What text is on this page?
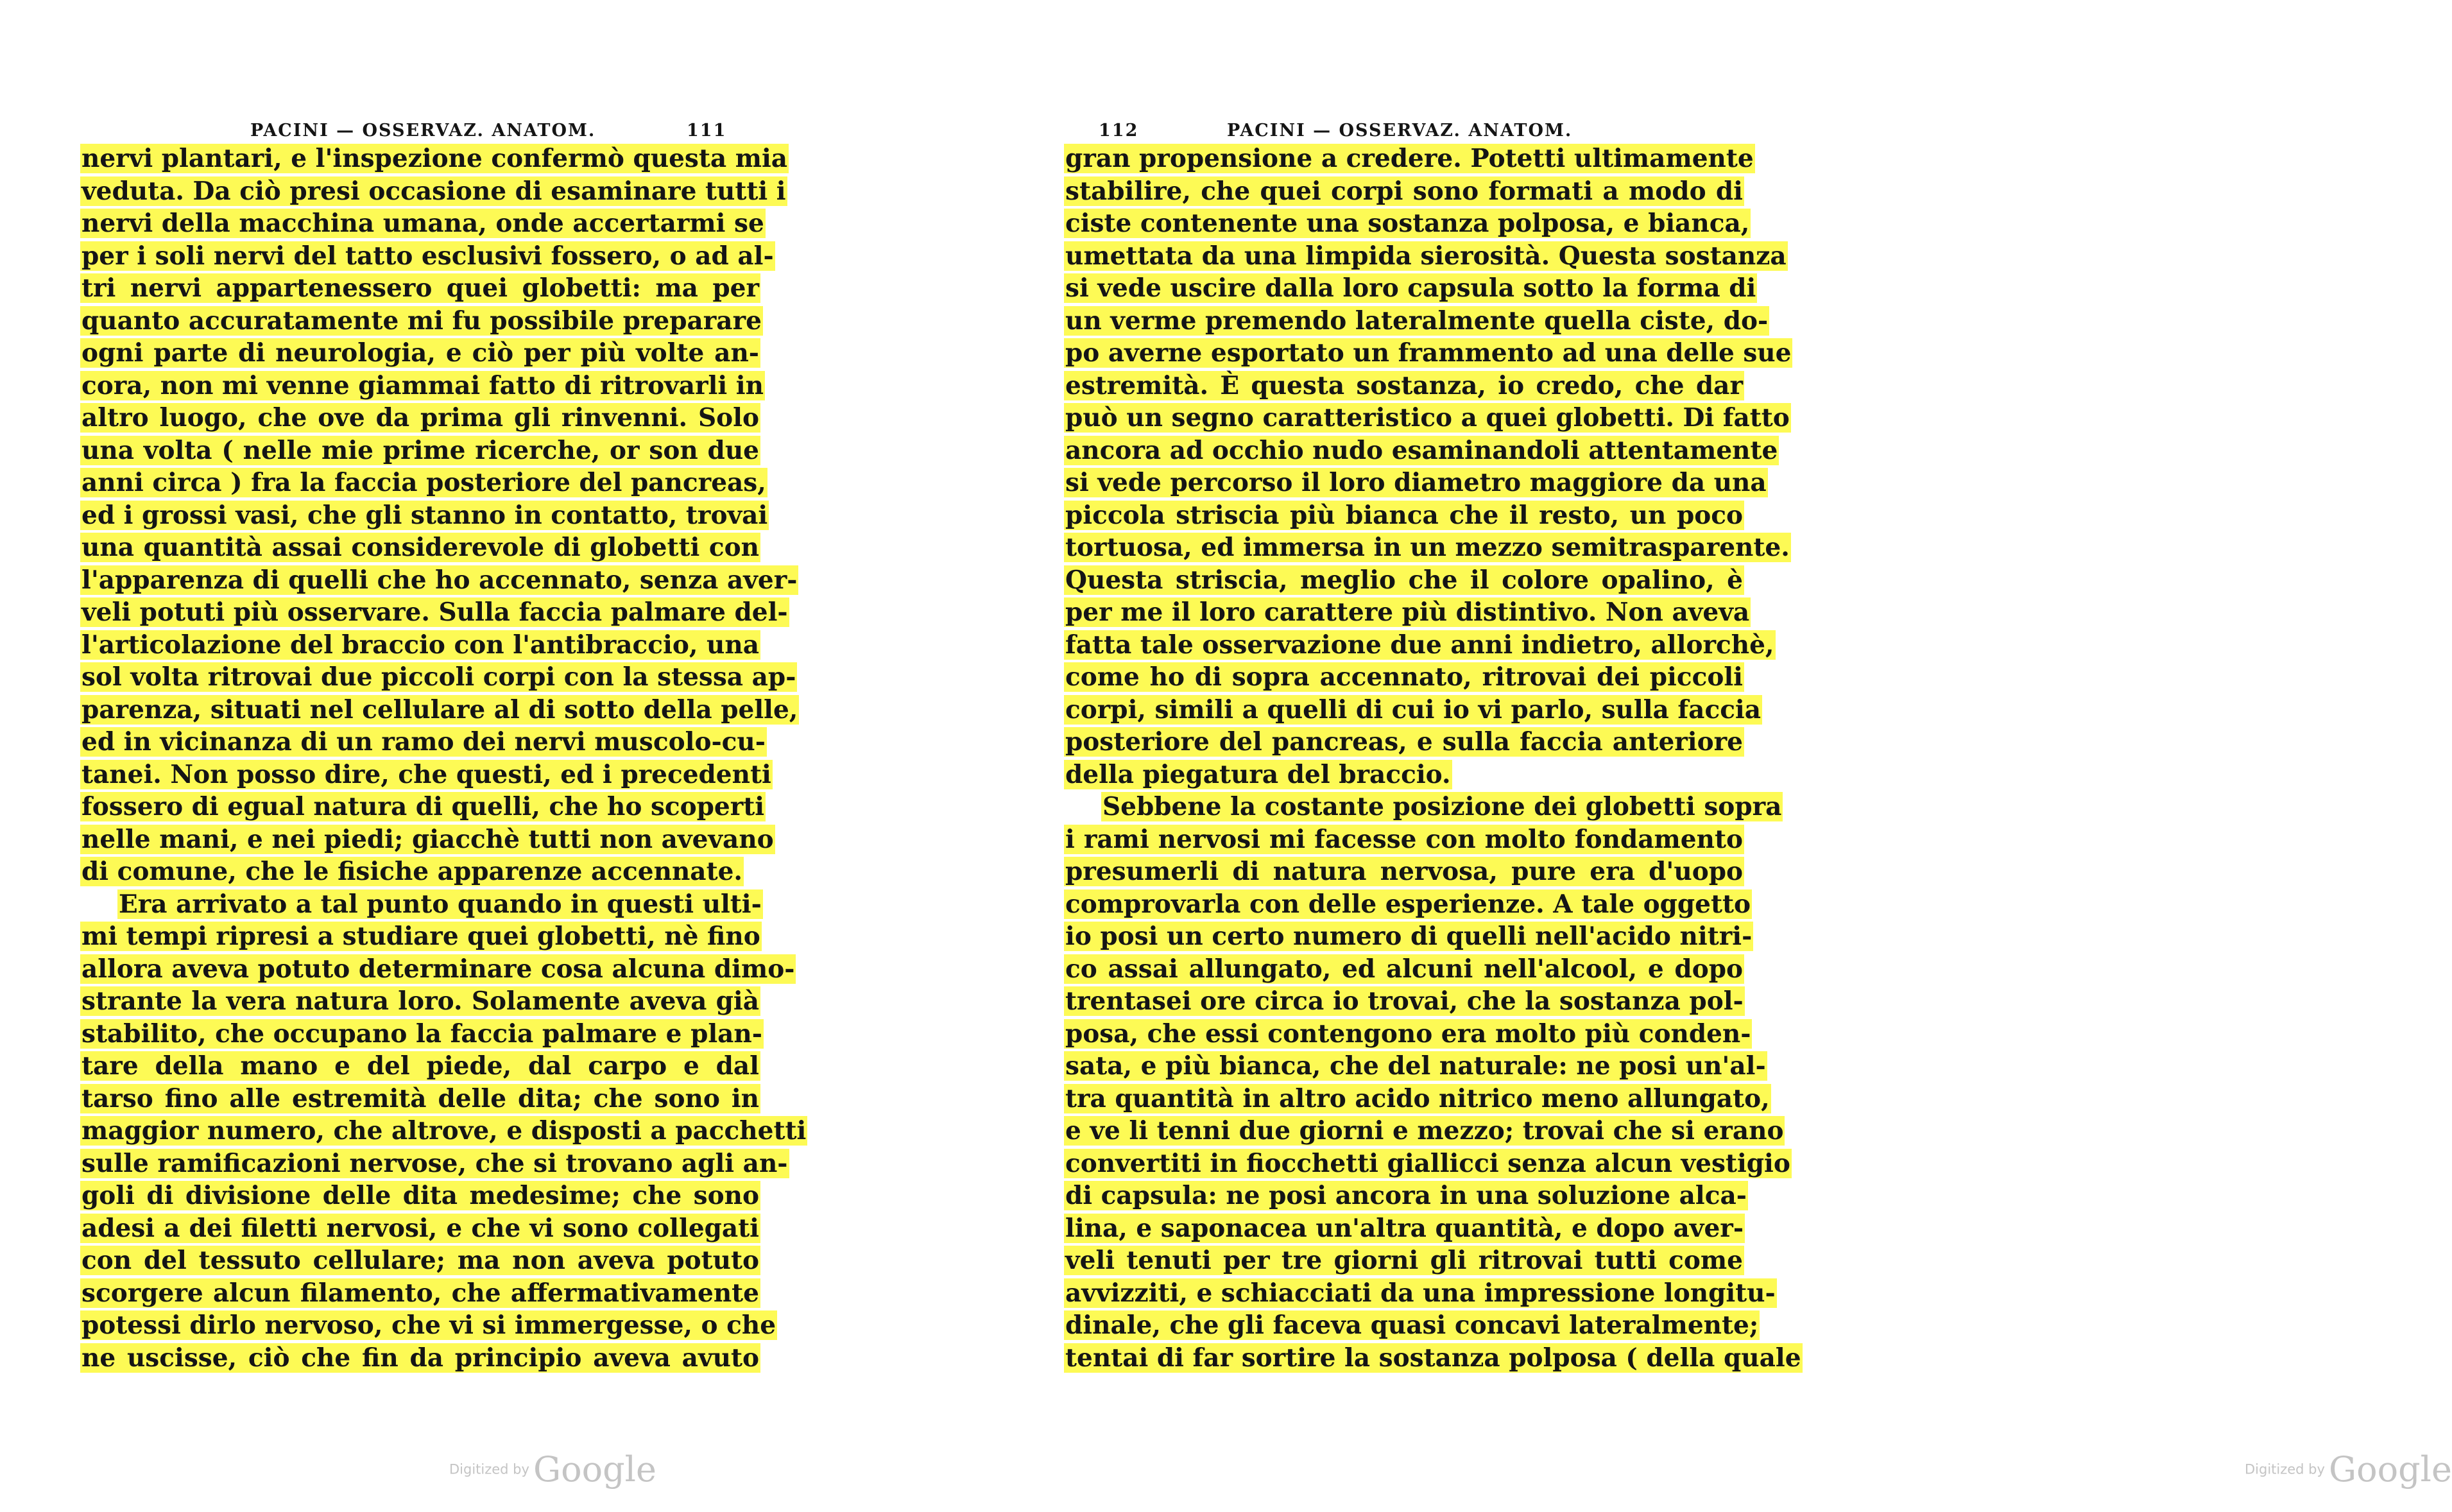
PACINI — OSSERVAZ. ANATOM.	111
nervi plantari, e l'inspezione confermò questa mia
veduta. Da ciò presi occasione di esaminare tutti i
nervi della macchina umana, onde accertarmi se
per i soli nervi del tatto esclusivi fossero, o ad al-
tri nervi appartenessero quei globetti: ma per
quanto accuratamente mi fu possibile preparare
ogni parte di neurologia, e ciò per più volte an-
cora, non mi venne giammai fatto di ritrovarli in
altro luogo, che ove da prima gli rinvenni. Solo
una volta ( nelle mie prime ricerche, or son due
anni circa ) fra la faccia posteriore del pancreas,
ed i grossi vasi, che gli stanno in contatto, trovai
una quantità assai considerevole di globetti con
l'apparenza di quelli che ho accennato, senza aver-
veli potuti più osservare. Sulla faccia palmare del-
l'articolazione del braccio con l'antibraccio, una
sol volta ritrovai due piccoli corpi con la stessa ap-
parenza, situati nel cellulare al di sotto della pelle,
ed in vicinanza di un ramo dei nervi muscolo-cu-
tanei. Non posso dire, che questi, ed i precedenti
fossero di egual natura di quelli, che ho scoperti
nelle mani, e nei piedi; giacchè tutti non avevano
di comune, che le fisiche apparenze accennate.
Era arrivato a tal punto quando in questi ulti-
mi tempi ripresi a studiare quei globetti, nè fino
allora aveva potuto determinare cosa alcuna dimo-
strante la vera natura loro. Solamente aveva già
stabilito, che occupano la faccia palmare e plan-
tare della mano e del piede, dal carpo e dal
tarso fino alle estremità delle dita; che sono in
maggior numero, che altrove, e disposti a pacchetti
sulle ramificazioni nervose, che si trovano agli an-
goli di divisione delle dita medesime; che sono
adesi a dei filetti nervosi, e che vi sono collegati
con del tessuto cellulare; ma non aveva potuto
scorgere alcun filamento, che affermativamente
potessi dirlo nervoso, che vi si immergesse, o che
ne uscisse, ciò che fin da principio aveva avuto
Digitized by Google
112	PACINI — OSSERVAZ. ANATOM.
gran propensione a credere. Potetti ultimamente
stabilire, che quei corpi sono formati a modo di
ciste contenente una sostanza polposa, e bianca,
umettata da una limpida sierosità. Questa sostanza
si vede uscire dalla loro capsula sotto la forma di
un verme premendo lateralmente quella ciste, do-
po averne esportato un frammento ad una delle sue
estremità. È questa sostanza, io credo, che dar
può un segno caratteristico a quei globetti. Di fatto
ancora ad occhio nudo esaminandoli attentamente
si vede percorso il loro diametro maggiore da una
piccola striscia più bianca che il resto, un poco
tortuosa, ed immersa in un mezzo semitrasparente.
Questa striscia, meglio che il colore opalino, è
per me il loro carattere più distintivo. Non aveva
fatta tale osservazione due anni indietro, allorchè,
come ho di sopra accennato, ritrovai dei piccoli
corpi, simili a quelli di cui io vi parlo, sulla faccia
posteriore del pancreas, e sulla faccia anteriore
della piegatura del braccio.
Sebbene la costante posizione dei globetti sopra
i rami nervosi mi facesse con molto fondamento
presumerli di natura nervosa, pure era d'uopo
comprovarla con delle esperienze. A tale oggetto
io posi un certo numero di quelli nell'acido nitri-
co assai allungato, ed alcuni nell'alcool, e dopo
trentasei ore circa io trovai, che la sostanza pol-
posa, che essi contengono era molto più conden-
sata, e più bianca, che del naturale: ne posi un'al-
tra quantità in altro acido nitrico meno allungato,
e ve li tenni due giorni e mezzo; trovai che si erano
convertiti in fiocchetti giallicci senza alcun vestigio
di capsula: ne posi ancora in una soluzione alca-
lina, e saponacea un'altra quantità, e dopo aver-
veli tenuti per tre giorni gli ritrovai tutti come
avvizziti, e schiacciati da una impressione longitu-
dinale, che gli faceva quasi concavi lateralmente;
tentai di far sortire la sostanza polposa ( della quale
Digitized by Google
